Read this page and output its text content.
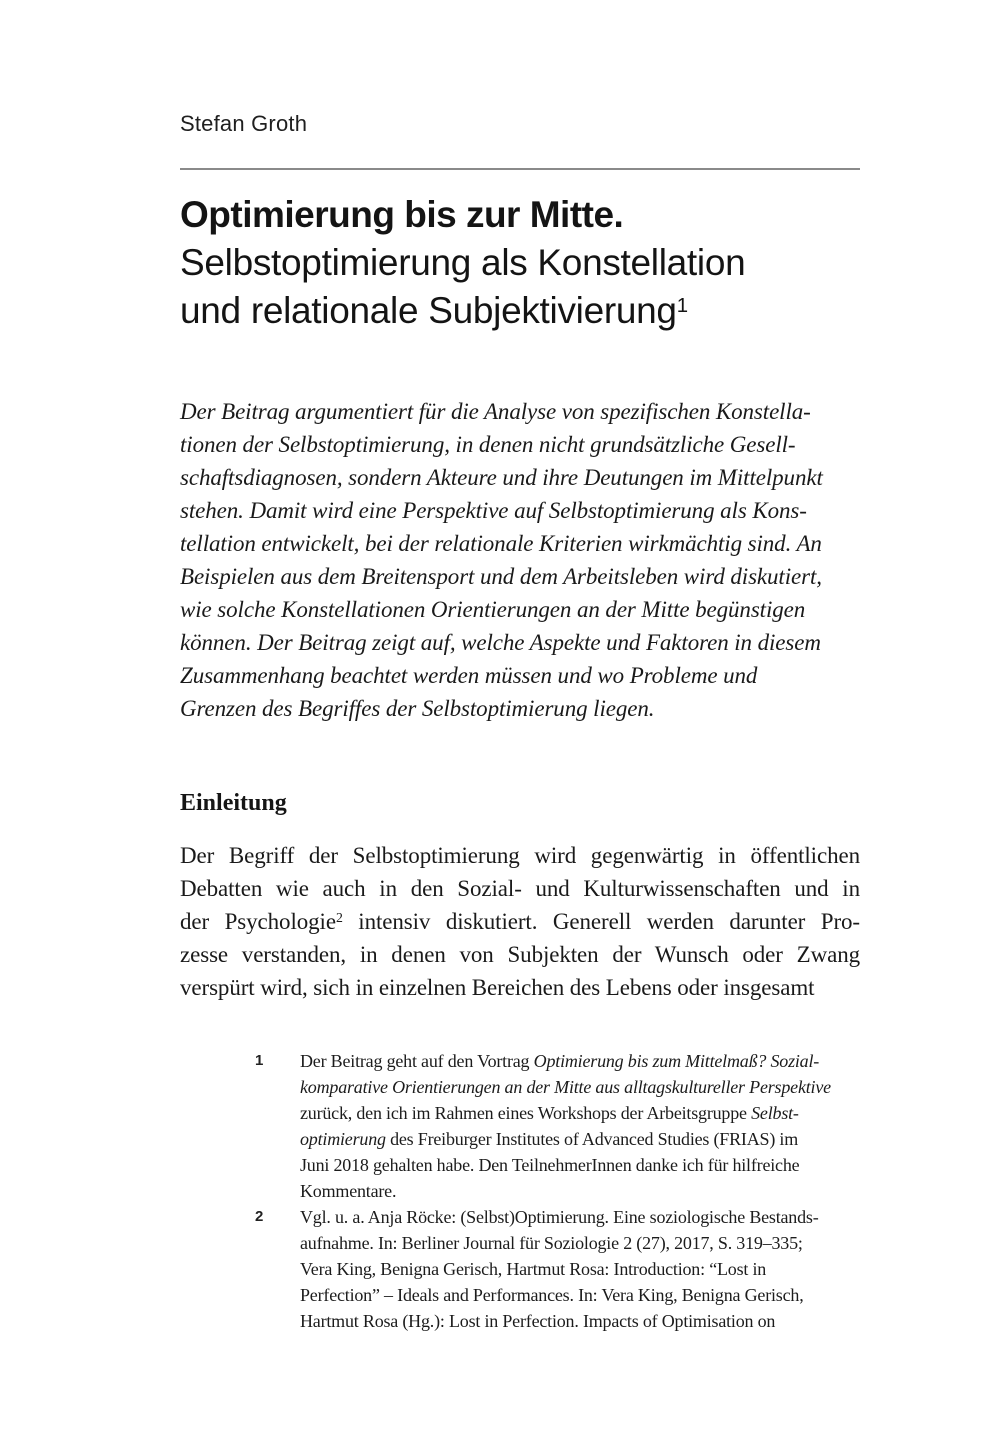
Stefan Groth
Optimierung bis zur Mitte.
Selbstoptimierung als Konstellation
und relationale Subjektivierung$^1$
Der Beitrag argumentiert für die Analyse von spezifischen Konstella-
tionen der Selbstoptimierung, in denen nicht grundsätzliche Gesell-
schaftsdiagnosen, sondern Akteure und ihre Deutungen im Mittelpunkt
stehen. Damit wird eine Perspektive auf Selbstoptimierung als Kons-
tellation entwickelt, bei der relationale Kriterien wirkmächtig sind. An
Beispielen aus dem Breitensport und dem Arbeitsleben wird diskutiert,
wie solche Konstellationen Orientierungen an der Mitte begünstigen
können. Der Beitrag zeigt auf, welche Aspekte und Faktoren in diesem
Zusammenhang beachtet werden müssen und wo Probleme und
Grenzen des Begriffes der Selbstoptimierung liegen.
Einleitung
Der Begriff der Selbstoptimierung wird gegenwärtig in öffentlichen
Debatten wie auch in den Sozial- und Kulturwissenschaften und in
der Psychologie$^2$ intensiv diskutiert. Generell werden darunter Pro-
zesse verstanden, in denen von Subjekten der Wunsch oder Zwang
verspürt wird, sich in einzelnen Bereichen des Lebens oder insgesamt
1	Der Beitrag geht auf den Vortrag Optimierung bis zum Mittelmaß? Sozial-
komparative Orientierungen an der Mitte aus alltagskultureller Perspektive
zurück, den ich im Rahmen eines Workshops der Arbeitsgruppe Selbst-
optimierung des Freiburger Institutes of Advanced Studies (FRIAS) im
Juni 2018 gehalten habe. Den TeilnehmerInnen danke ich für hilfreiche
Kommentare.
2	Vgl. u. a. Anja Röcke: (Selbst)Optimierung. Eine soziologische Bestands-
aufnahme. In: Berliner Journal für Soziologie 2 (27), 2017, S. 319–335;
Vera King, Benigna Gerisch, Hartmut Rosa: Introduction: “Lost in
Perfection” – Ideals and Performances. In: Vera King, Benigna Gerisch,
Hartmut Rosa (Hg.): Lost in Perfection. Impacts of Optimisation on
